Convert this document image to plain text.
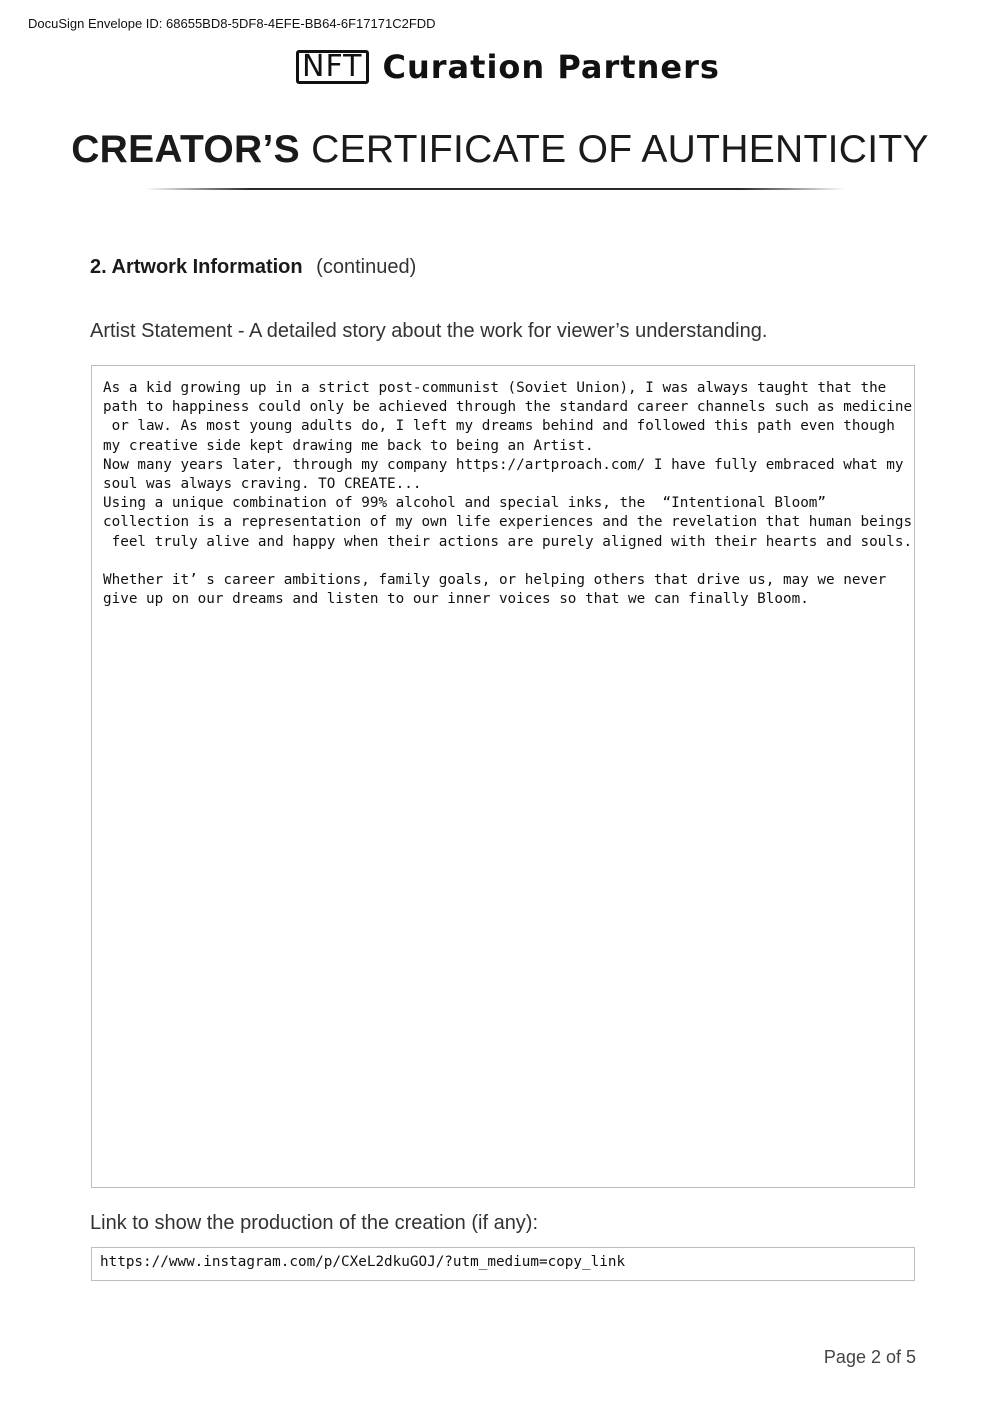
DocuSign Envelope ID: 68655BD8-5DF8-4EFE-BB64-6F17171C2FDD
NFT Curation Partners
CREATOR’S CERTIFICATE OF AUTHENTICITY
2. Artwork Information (continued)
Artist Statement - A detailed story about the work for viewer’s understanding.
As a kid growing up in a strict post-communist (Soviet Union), I was always taught that the
path to happiness could only be achieved through the standard career channels such as medicine
or law. As most young adults do, I left my dreams behind and followed this path even though
my creative side kept drawing me back to being an Artist.
Now many years later, through my company https://artproach.com/ I have fully embraced what my
soul was always craving. TO CREATE...
Using a unique combination of 99% alcohol and special inks, the  “Intentional Bloom”
collection is a representation of my own life experiences and the revelation that human beings
feel truly alive and happy when their actions are purely aligned with their hearts and souls.

Whether it’ s career ambitions, family goals, or helping others that drive us, may we never
give up on our dreams and listen to our inner voices so that we can finally Bloom.
Link to show the production of the creation (if any):
https://www.instagram.com/p/CXeL2dkuGOJ/?utm_medium=copy_link
Page 2 of 5
